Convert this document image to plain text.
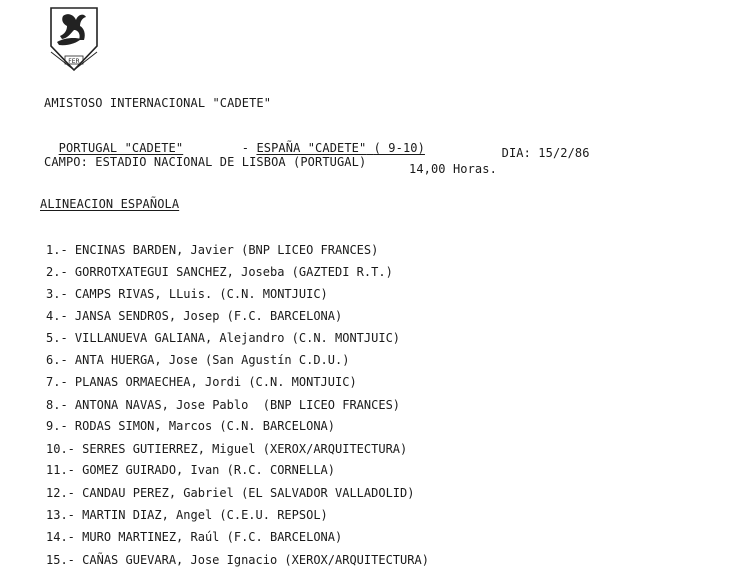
FER
AMISTOSO INTERNACIONAL "CADETE"

PORTUGAL "CADETE"	- ESPAÑA "CADETE" ( 9-10)	DIA: 15/2/86

CAMPO: ESTADIO NACIONAL DE LISBOA (PORTUGAL)	14,00 Horas.
ALINEACION ESPAÑOLA
1.- ENCINAS BARDEN, Javier (BNP LICEO FRANCES)
2.- GORROTXATEGUI SANCHEZ, Joseba (GAZTEDI R.T.)
3.- CAMPS RIVAS, LLuis. (C.N. MONTJUIC)
4.- JANSA SENDROS, Josep (F.C. BARCELONA)
5.- VILLANUEVA GALIANA, Alejandro (C.N. MONTJUIC)
6.- ANTA HUERGA, Jose (San Agustín C.D.U.)
7.- PLANAS ORMAECHEA, Jordi (C.N. MONTJUIC)
8.- ANTONA NAVAS, Jose Pablo  (BNP LICEO FRANCES)
9.- RODAS SIMON, Marcos (C.N. BARCELONA)
10.- SERRES GUTIERREZ, Miguel (XEROX/ARQUITECTURA)
11.- GOMEZ GUIRADO, Ivan (R.C. CORNELLA)
12.- CANDAU PEREZ, Gabriel (EL SALVADOR VALLADOLID)
13.- MARTIN DIAZ, Angel (C.E.U. REPSOL)
14.- MURO MARTINEZ, Raúl (F.C. BARCELONA)
15.- CAÑAS GUEVARA, Jose Ignacio (XEROX/ARQUITECTURA)
